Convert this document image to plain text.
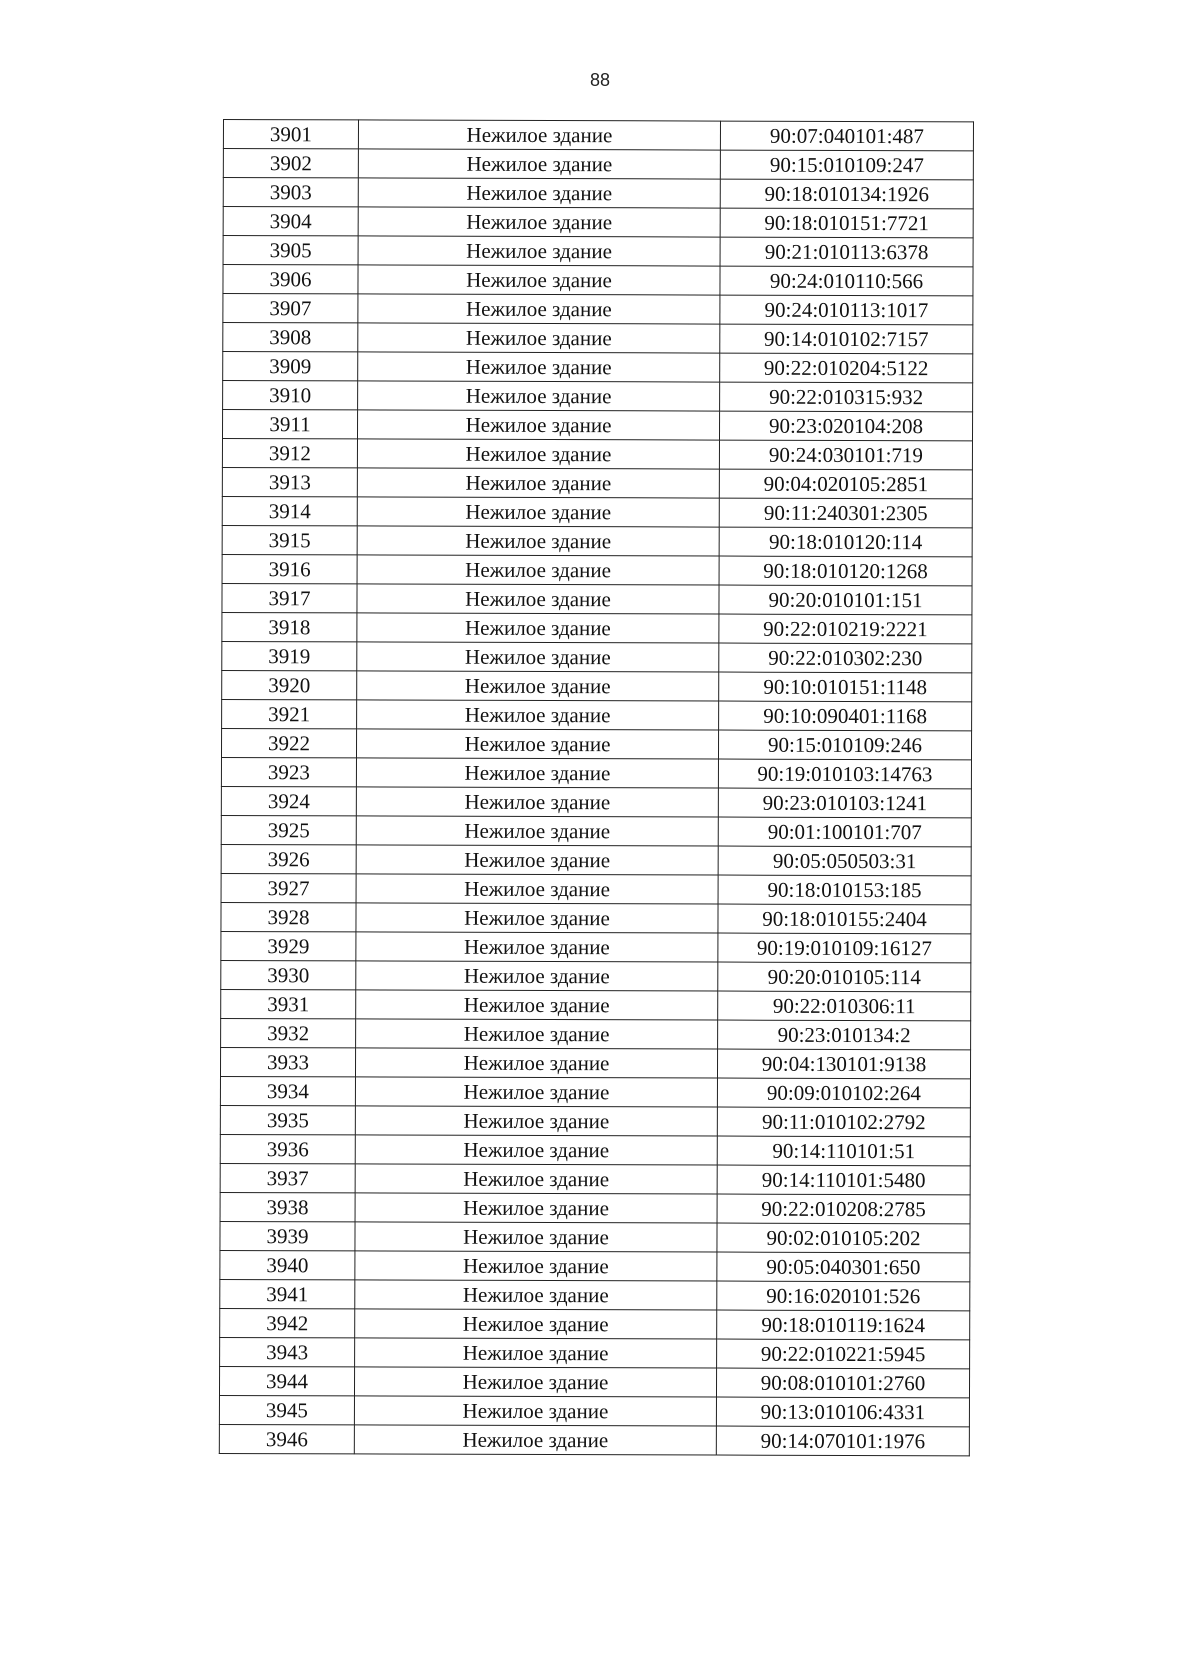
88
3901	Нежилое здание	90:07:040101:487
3902	Нежилое здание	90:15:010109:247
3903	Нежилое здание	90:18:010134:1926
3904	Нежилое здание	90:18:010151:7721
3905	Нежилое здание	90:21:010113:6378
3906	Нежилое здание	90:24:010110:566
3907	Нежилое здание	90:24:010113:1017
3908	Нежилое здание	90:14:010102:7157
3909	Нежилое здание	90:22:010204:5122
3910	Нежилое здание	90:22:010315:932
3911	Нежилое здание	90:23:020104:208
3912	Нежилое здание	90:24:030101:719
3913	Нежилое здание	90:04:020105:2851
3914	Нежилое здание	90:11:240301:2305
3915	Нежилое здание	90:18:010120:114
3916	Нежилое здание	90:18:010120:1268
3917	Нежилое здание	90:20:010101:151
3918	Нежилое здание	90:22:010219:2221
3919	Нежилое здание	90:22:010302:230
3920	Нежилое здание	90:10:010151:1148
3921	Нежилое здание	90:10:090401:1168
3922	Нежилое здание	90:15:010109:246
3923	Нежилое здание	90:19:010103:14763
3924	Нежилое здание	90:23:010103:1241
3925	Нежилое здание	90:01:100101:707
3926	Нежилое здание	90:05:050503:31
3927	Нежилое здание	90:18:010153:185
3928	Нежилое здание	90:18:010155:2404
3929	Нежилое здание	90:19:010109:16127
3930	Нежилое здание	90:20:010105:114
3931	Нежилое здание	90:22:010306:11
3932	Нежилое здание	90:23:010134:2
3933	Нежилое здание	90:04:130101:9138
3934	Нежилое здание	90:09:010102:264
3935	Нежилое здание	90:11:010102:2792
3936	Нежилое здание	90:14:110101:51
3937	Нежилое здание	90:14:110101:5480
3938	Нежилое здание	90:22:010208:2785
3939	Нежилое здание	90:02:010105:202
3940	Нежилое здание	90:05:040301:650
3941	Нежилое здание	90:16:020101:526
3942	Нежилое здание	90:18:010119:1624
3943	Нежилое здание	90:22:010221:5945
3944	Нежилое здание	90:08:010101:2760
3945	Нежилое здание	90:13:010106:4331
3946	Нежилое здание	90:14:070101:1976
